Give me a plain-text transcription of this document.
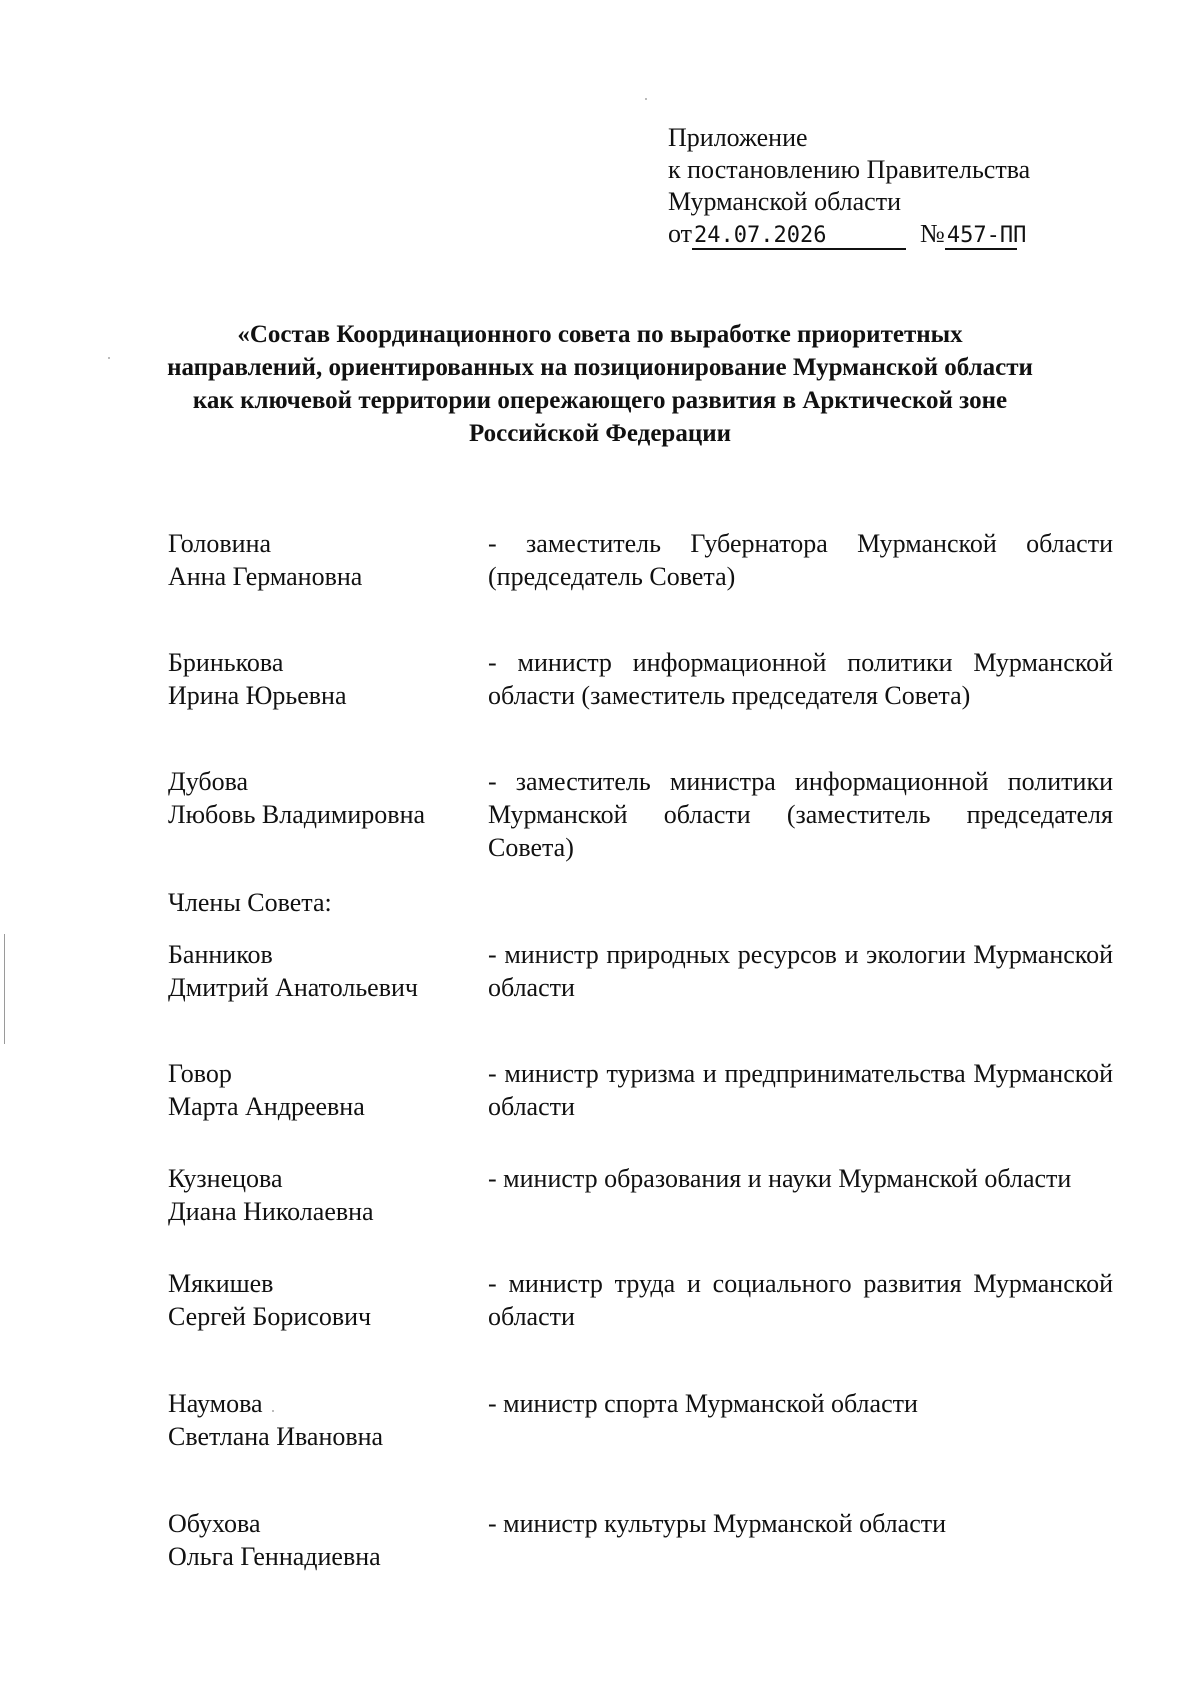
Приложение
к постановлению Правительства
Мурманской области
от 24.07.2026	№ 457-ПП
«Состав Координационного совета по выработке приоритетных направлений, ориентированных на позиционирование Мурманской области как ключевой территории опережающего развития в Арктической зоне Российской Федерации
Головина
Анна Германовна
- заместитель Губернатора Мурманской области (председатель Совета)
Бринькова
Ирина Юрьевна
- министр информационной политики Мурманской области (заместитель председателя Совета)
Дубова
Любовь Владимировна
- заместитель министра информационной политики Мурманской области (заместитель председателя Совета)
Банников
Дмитрий Анатольевич
- министр природных ресурсов и экологии Мурманской области
Говор
Марта Андреевна
- министр туризма и предпринимательства Мурманской области
Кузнецова
Диана Николаевна
- министр образования и науки Мурманской области
Мякишев
Сергей Борисович
- министр труда и социального развития Мурманской области
Наумова
Светлана Ивановна
- министр спорта Мурманской области
Обухова
Ольга Геннадиевна
- министр культуры Мурманской области
Члены Совета:
